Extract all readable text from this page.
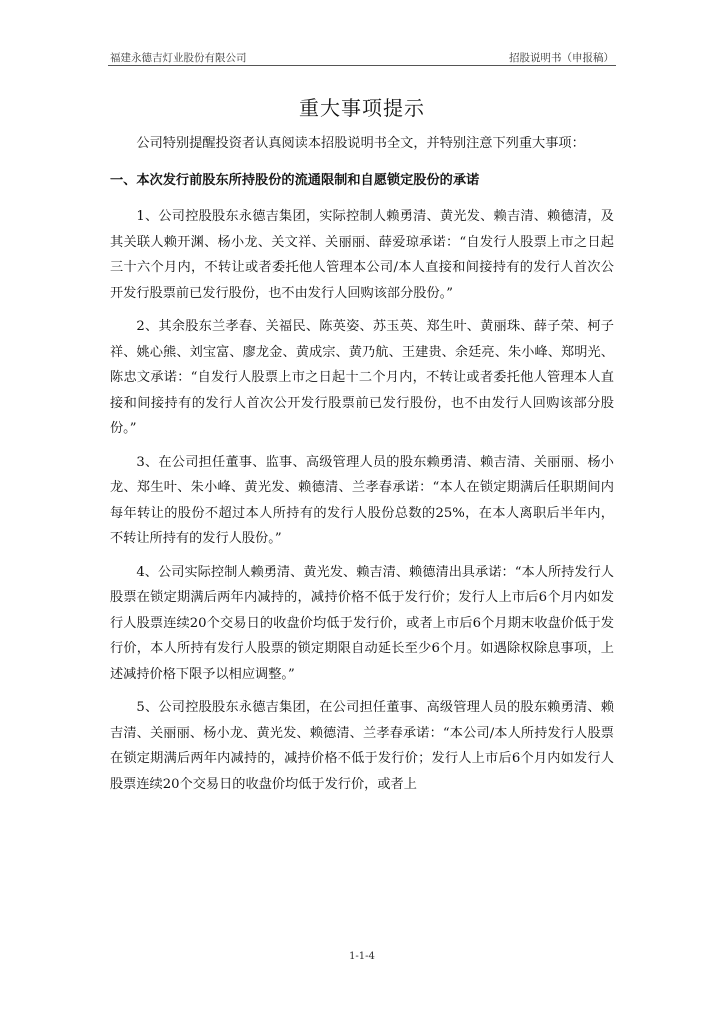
福建永德吉灯业股份有限公司	招股说明书（申报稿）
重大事项提示

公司特别提醒投资者认真阅读本招股说明书全文，并特别注意下列重大事项：

一、本次发行前股东所持股份的流通限制和自愿锁定股份的承诺

1、公司控股股东永德吉集团，实际控制人赖勇清、黄光发、赖吉清、赖德清，及其关联人赖开渊、杨小龙、关文祥、关丽丽、薛爱琼承诺：“自发行人股票上市之日起三十六个月内，不转让或者委托他人管理本公司/本人直接和间接持有的发行人首次公开发行股票前已发行股份，也不由发行人回购该部分股份。”

2、其余股东兰孝春、关福民、陈英姿、苏玉英、郑生叶、黄丽珠、薛子荣、柯子祥、姚心熊、刘宝富、廖龙金、黄成宗、黄乃航、王建贵、余廷亮、朱小峰、郑明光、陈忠文承诺：“自发行人股票上市之日起十二个月内，不转让或者委托他人管理本人直接和间接持有的发行人首次公开发行股票前已发行股份，也不由发行人回购该部分股份。”

3、在公司担任董事、监事、高级管理人员的股东赖勇清、赖吉清、关丽丽、杨小龙、郑生叶、朱小峰、黄光发、赖德清、兰孝春承诺：“本人在锁定期满后任职期间内每年转让的股份不超过本人所持有的发行人股份总数的25%，在本人离职后半年内，不转让所持有的发行人股份。”

4、公司实际控制人赖勇清、黄光发、赖吉清、赖德清出具承诺：“本人所持发行人股票在锁定期满后两年内减持的，减持价格不低于发行价；发行人上市后6个月内如发行人股票连续20个交易日的收盘价均低于发行价，或者上市后6个月期末收盘价低于发行价，本人所持有发行人股票的锁定期限自动延长至少6个月。如遇除权除息事项，上述减持价格下限予以相应调整。”

5、公司控股股东永德吉集团，在公司担任董事、高级管理人员的股东赖勇清、赖吉清、关丽丽、杨小龙、黄光发、赖德清、兰孝春承诺：“本公司/本人所持发行人股票在锁定期满后两年内减持的，减持价格不低于发行价；发行人上市后6个月内如发行人股票连续20个交易日的收盘价均低于发行价，或者上

1-1-4
